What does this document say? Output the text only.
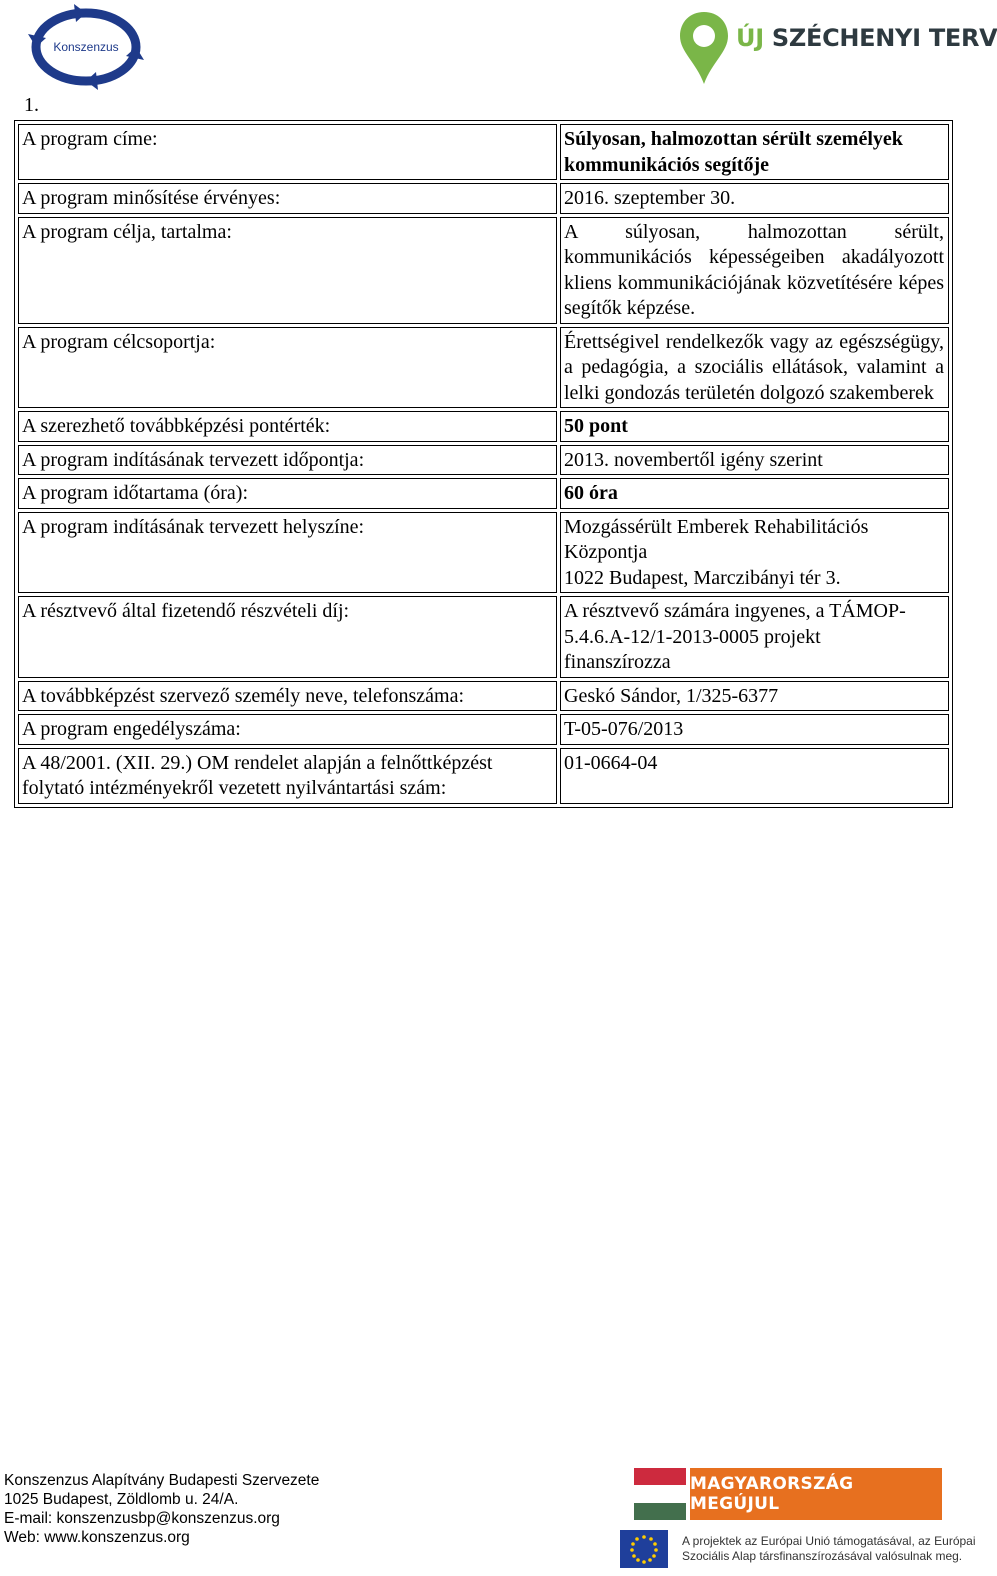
Konszenzus	ÚJ SZÉCHENYI TERV
1.
A program címe:	Súlyosan, halmozottan sérült személyek kommunikációs segítője
A program minősítése érvényes:	2016. szeptember 30.
A program célja, tartalma:	A súlyosan, halmozottan sérült, kommunikációs képességeiben akadályozott kliens kommunikációjának közvetítésére képes segítők képzése.
A program célcsoportja:	Érettségivel rendelkezők vagy az egészségügy, a pedagógia, a szociális ellátások, valamint a lelki gondozás területén dolgozó szakemberek
A szerezhető továbbképzési pontérték:	50 pont
A program indításának tervezett időpontja:	2013. novembertől igény szerint
A program időtartama (óra):	60 óra
A program indításának tervezett helyszíne:	Mozgássérült Emberek Rehabilitációs
Központja
1022 Budapest, Marczibányi tér 3.

A résztvevő által fizetendő részvételi díj:	A résztvevő számára ingyenes, a TÁMOP-
5.4.6.A-12/1-2013-0005 projekt
finanszírozza

A továbbképzést szervező személy neve, telefonszáma:	Geskó Sándor, 1/325-6377
A program engedélyszáma:	T-05-076/2013

A 48/2001. (XII. 29.) OM rendelet alapján a felnőttképzést
folytató intézményekről vezetett nyilvántartási szám:	01-0664-04
Konszenzus Alapítvány Budapesti Szervezete
1025 Budapest, Zöldlomb u. 24/A.
E-mail: konszenzusbp@konszenzus.org
Web: www.konszenzus.org
MAGYARORSZÁG MEGÚJUL
A projektek az Európai Unió támogatásával, az Európai
Szociális Alap társfinanszírozásával valósulnak meg.
